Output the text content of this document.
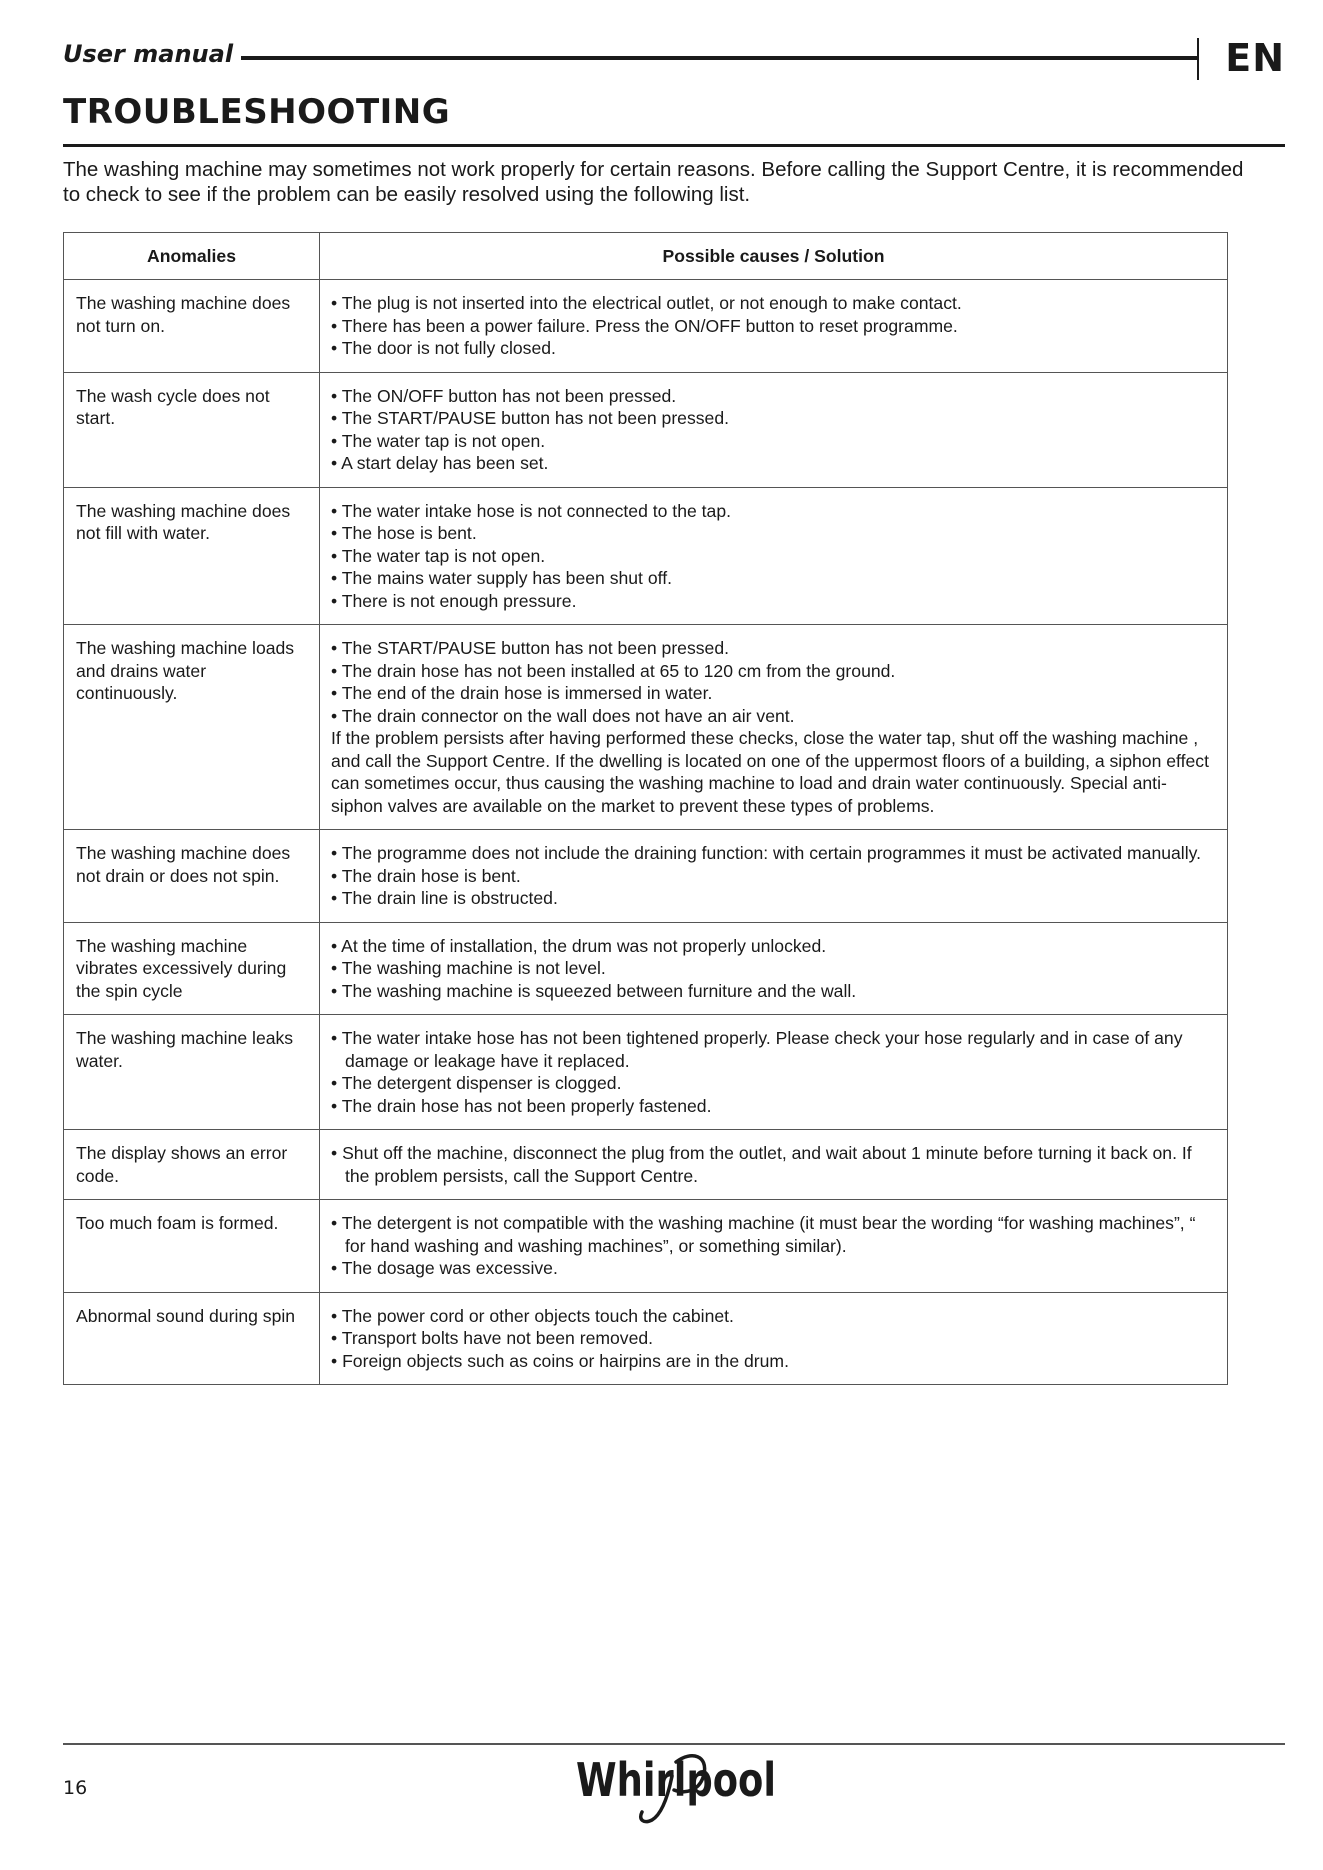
User manual	EN
TROUBLESHOOTING

The washing machine may sometimes not work properly for certain reasons. Before calling the Support Centre, it is recommended to check to see if the problem can be easily resolved using the following list.

Anomalies	Possible causes / Solution
The washing machine does not turn on.	• The plug is not inserted into the electrical outlet, or not enough to make contact.
• There has been a power failure. Press the ON/OFF button to reset programme.
• The door is not fully closed.

The wash cycle does not start.	• The ON/OFF button has not been pressed.
• The START/PAUSE button has not been pressed.
• The water tap is not open.
• A start delay has been set.

The washing machine does not fill with water.	• The water intake hose is not connected to the tap.
• The hose is bent.
• The water tap is not open.
• The mains water supply has been shut off.
• There is not enough pressure.

The washing machine loads and drains water continuously.	• The START/PAUSE button has not been pressed.
• The drain hose has not been installed at 65 to 120 cm from the ground.
• The end of the drain hose is immersed in water.
• The drain connector on the wall does not have an air vent.
If the problem persists after having performed these checks, close the water tap, shut off the washing machine , and call the Support Centre. If the dwelling is located on one of the uppermost floors of a building, a siphon effect can sometimes occur, thus causing the washing machine to load and drain water continuously. Special anti-siphon valves are available on the market to prevent these types of problems.

The washing machine does not drain or does not spin.	• The programme does not include the draining function: with certain programmes it must be activated manually.
• The drain hose is bent.
• The drain line is obstructed.

The washing machine vibrates excessively during the spin cycle	• At the time of installation, the drum was not properly unlocked.
• The washing machine is not level.
• The washing machine is squeezed between furniture and the wall.

The washing machine leaks water.	• The water intake hose has not been tightened properly. Please check your hose regularly and in case of any damage or leakage have it replaced.
• The detergent dispenser is clogged.
• The drain hose has not been properly fastened.

The display shows an error code.	• Shut off the machine, disconnect the plug from the outlet, and wait about 1 minute before turning it back on. If the problem persists, call the Support Centre.

Too much foam is formed.	• The detergent is not compatible with the washing machine (it must bear the wording “for washing machines”, “ for hand washing and washing machines”, or something similar).
• The dosage was excessive.

Abnormal sound during spin	• The power cord or other objects touch the cabinet.
• Transport bolts have not been removed.
• Foreign objects such as coins or hairpins are in the drum.
16	Whirlpool
